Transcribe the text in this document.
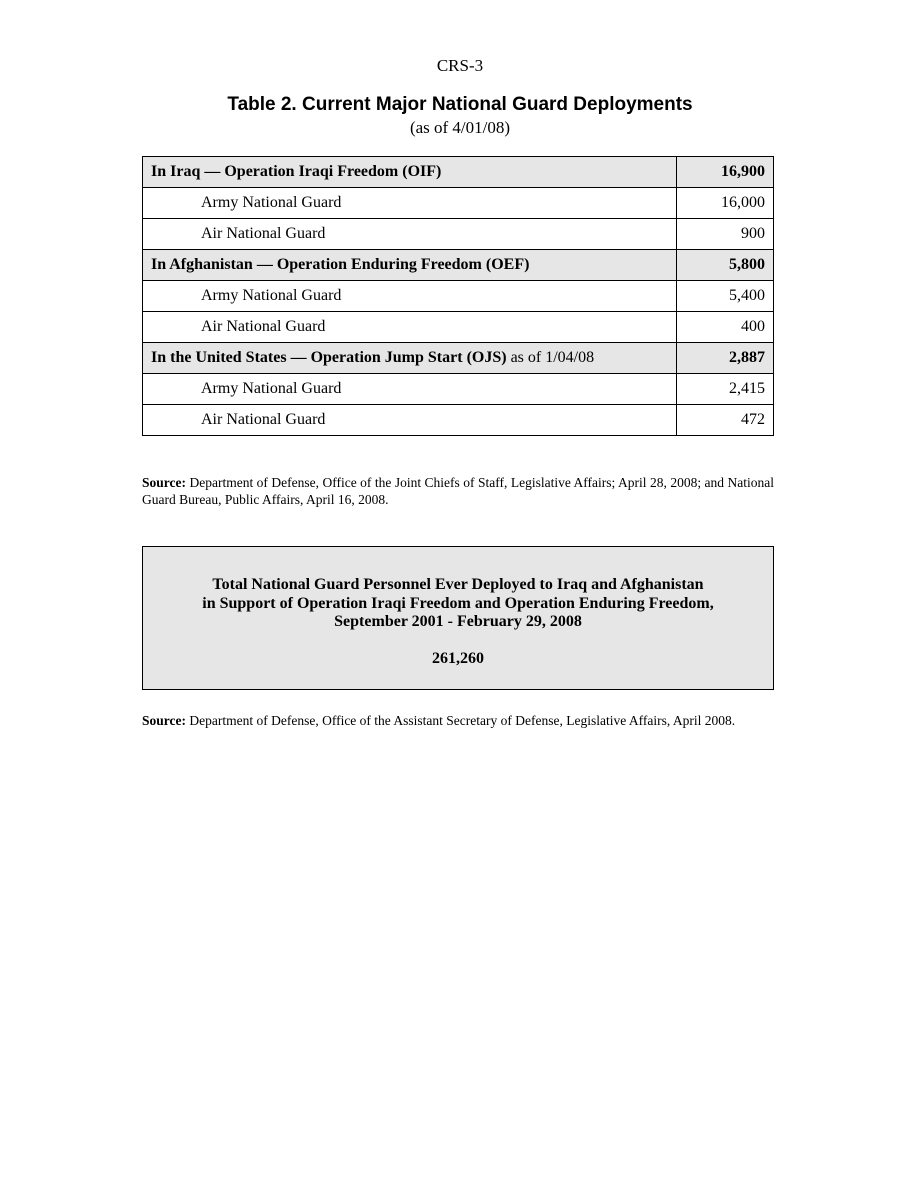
CRS-3
Table 2. Current Major National Guard Deployments
(as of 4/01/08)
In Iraq — Operation Iraqi Freedom (OIF)	16,900
Army National Guard	16,000
Air National Guard	900
In Afghanistan — Operation Enduring Freedom (OEF)	5,800
Army National Guard	5,400
Air National Guard	400
In the United States — Operation Jump Start (OJS) as of 1/04/08	2,887
Army National Guard	2,415
Air National Guard	472
Source: Department of Defense, Office of the Joint Chiefs of Staff, Legislative Affairs; April 28, 2008; and National Guard Bureau, Public Affairs, April 16, 2008.
Total National Guard Personnel Ever Deployed to Iraq and Afghanistan
in Support of Operation Iraqi Freedom and Operation Enduring Freedom,
September 2001 - February 29, 2008
261,260
Source: Department of Defense, Office of the Assistant Secretary of Defense, Legislative Affairs, April 2008.
